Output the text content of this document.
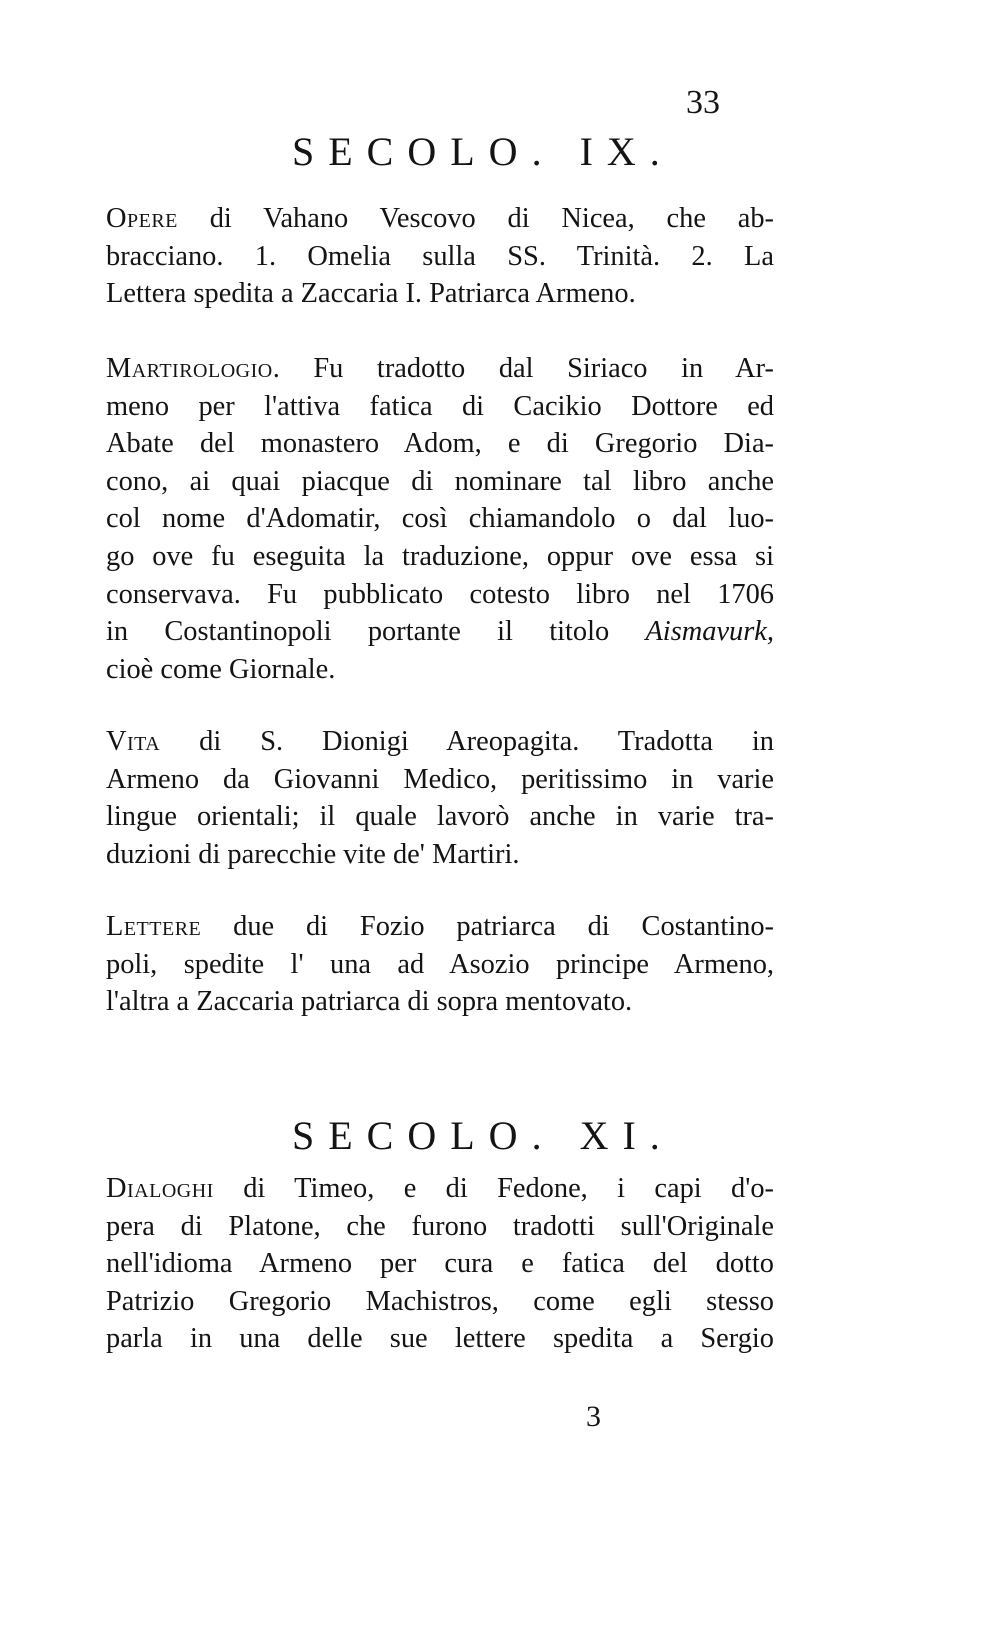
33
SECOLO. IX.
Opere di Vahano Vescovo di Nicea, che ab-
bracciano. 1. Omelia sulla SS. Trinità. 2. La
Lettera spedita a Zaccaria I. Patriarca Armeno.
Martirologio. Fu tradotto dal Siriaco in Ar-
meno per l'attiva fatica di Cacikio Dottore ed
Abate del monastero Adom, e di Gregorio Dia-
cono, ai quai piacque di nominare tal libro anche
col nome d'Adomatir, così chiamandolo o dal luo-
go ove fu eseguita la traduzione, oppur ove essa si
conservava. Fu pubblicato cotesto libro nel 1706
in Costantinopoli portante il titolo Aismavurk,
cioè come Giornale.
Vita di S. Dionigi Areopagita. Tradotta in
Armeno da Giovanni Medico, peritissimo in varie
lingue orientali; il quale lavorò anche in varie tra-
duzioni di parecchie vite de' Martiri.
Lettere due di Fozio patriarca di Costantino-
poli, spedite l' una ad Asozio principe Armeno,
l'altra a Zaccaria patriarca di sopra mentovato.
SECOLO. XI.
Dialoghi di Timeo, e di Fedone, i capi d'o-
pera di Platone, che furono tradotti sull'Originale
nell'idioma Armeno per cura e fatica del dotto
Patrizio Gregorio Machistros, come egli stesso
parla in una delle sue lettere spedita a Sergio
3
